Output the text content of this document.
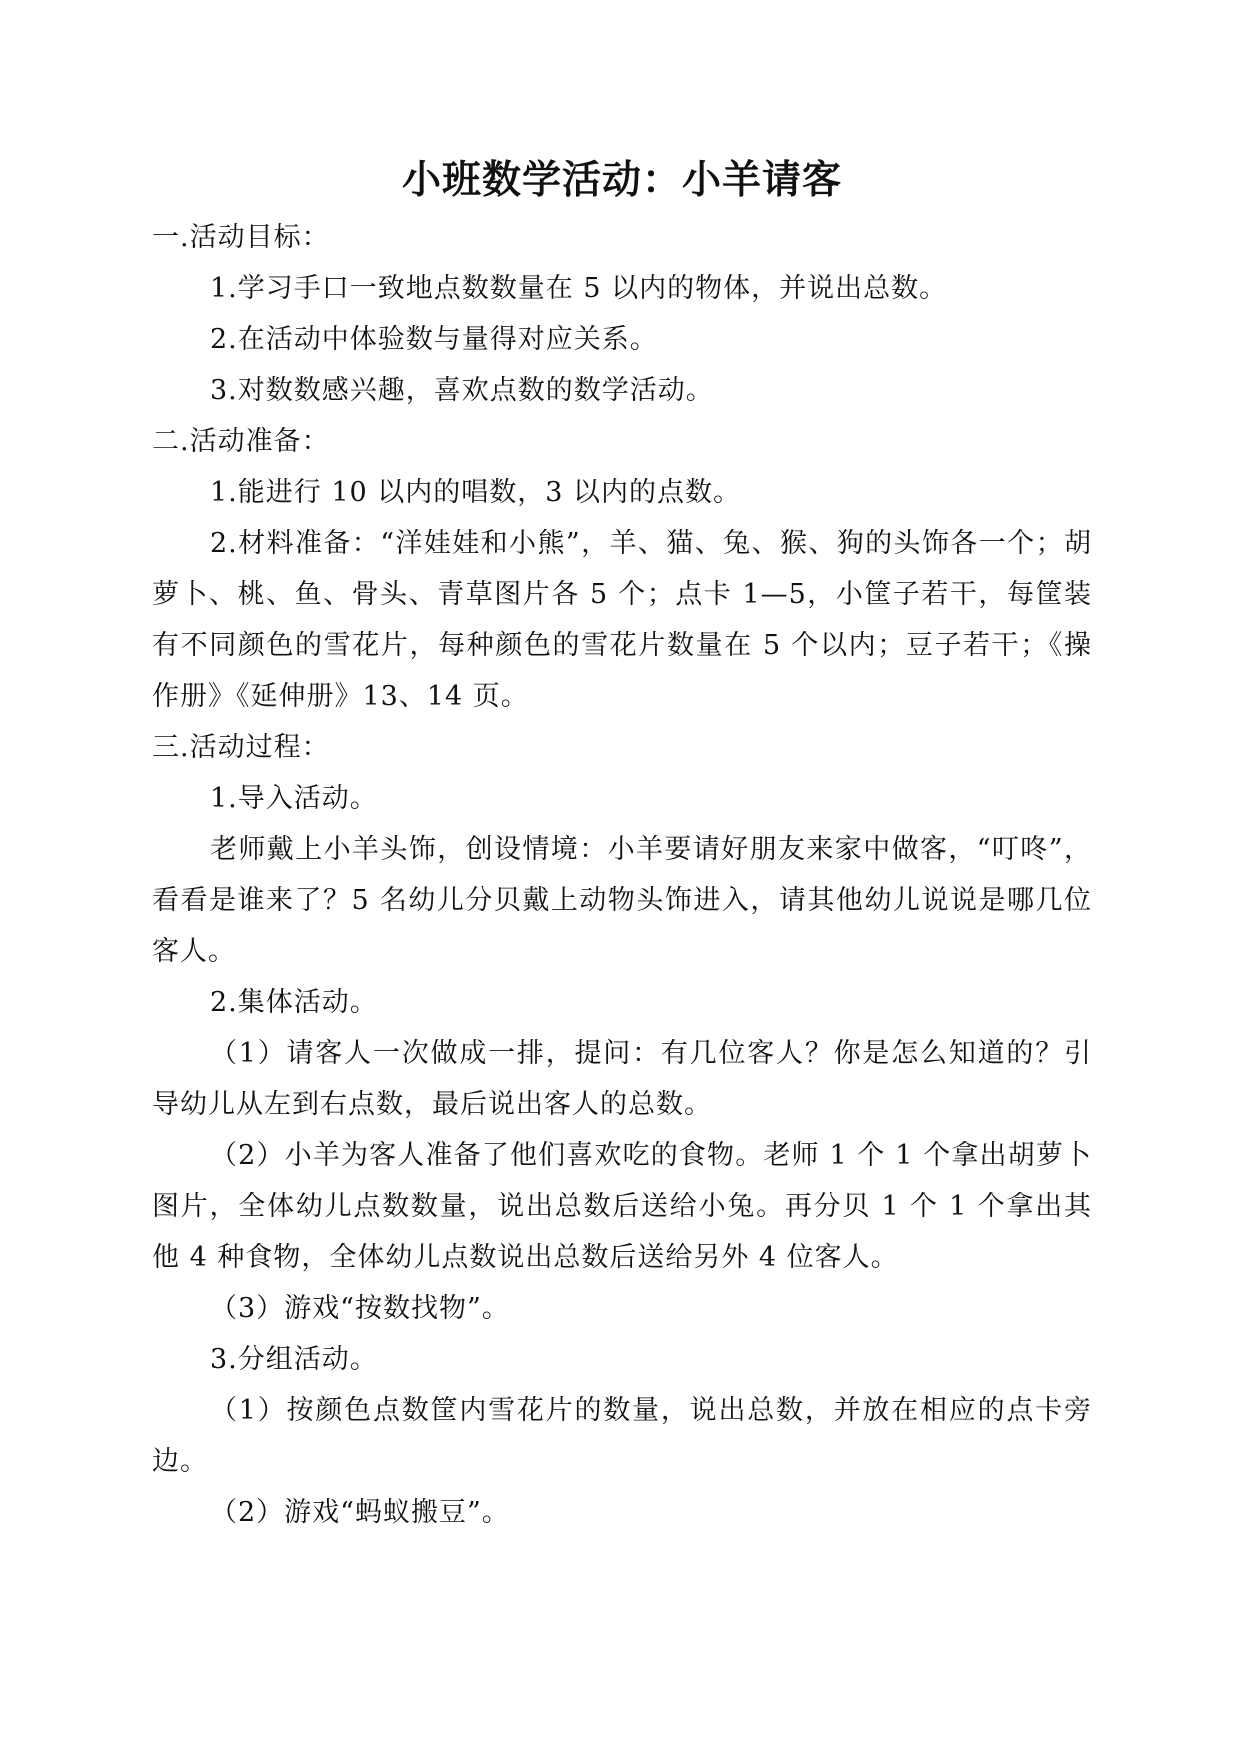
小班数学活动：小羊请客

一.活动目标：

1.学习手口一致地点数数量在 5 以内的物体，并说出总数。

2.在活动中体验数与量得对应关系。

3.对数数感兴趣，喜欢点数的数学活动。

二.活动准备：

1.能进行 10 以内的唱数，3 以内的点数。

2.材料准备：“洋娃娃和小熊”，羊、猫、兔、猴、狗的头饰各一个；胡萝卜、桃、鱼、骨头、青草图片各 5 个；点卡 1—5，小筐子若干，每筐装有不同颜色的雪花片，每种颜色的雪花片数量在 5 个以内；豆子若干；《操作册》《延伸册》13、14 页。

三.活动过程：

1.导入活动。

老师戴上小羊头饰，创设情境：小羊要请好朋友来家中做客，“叮咚”，看看是谁来了？5 名幼儿分贝戴上动物头饰进入，请其他幼儿说说是哪几位客人。

2.集体活动。

（1）请客人一次做成一排，提问：有几位客人？你是怎么知道的？引导幼儿从左到右点数，最后说出客人的总数。

（2）小羊为客人准备了他们喜欢吃的食物。老师 1 个 1 个拿出胡萝卜图片，全体幼儿点数数量，说出总数后送给小兔。再分贝 1 个 1 个拿出其他 4 种食物，全体幼儿点数说出总数后送给另外 4 位客人。

（3）游戏“按数找物”。

3.分组活动。

（1）按颜色点数筐内雪花片的数量，说出总数，并放在相应的点卡旁边。

（2）游戏“蚂蚁搬豆”。
